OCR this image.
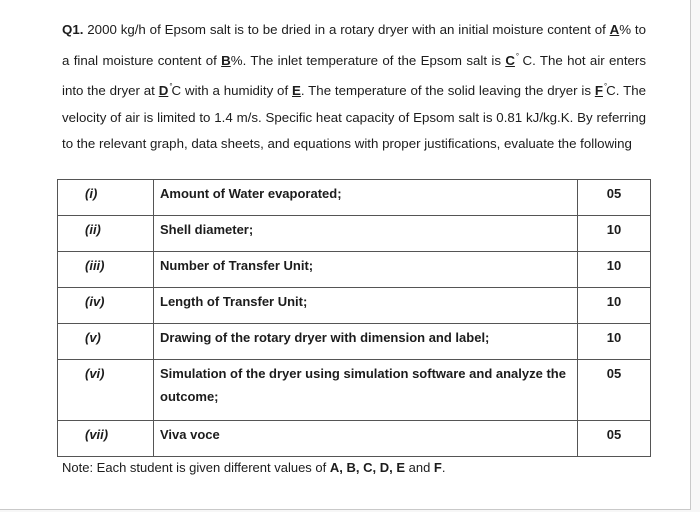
Q1. 2000 kg/h of Epsom salt is to be dried in a rotary dryer with an initial moisture content of A% to a final moisture content of B%. The inlet temperature of the Epsom salt is C° C. The hot air enters into the dryer at D°C with a humidity of E. The temperature of the solid leaving the dryer is F°C. The velocity of air is limited to 1.4 m/s. Specific heat capacity of Epsom salt is 0.81 kJ/kg.K. By referring to the relevant graph, data sheets, and equations with proper justifications, evaluate the following

(i)	Amount of Water evaporated;	05
(ii)	Shell diameter;	10
(iii)	Number of Transfer Unit;	10
(iv)	Length of Transfer Unit;	10
(v)	Drawing of the rotary dryer with dimension and label;	10
(vi)	Simulation of the dryer using simulation software and analyze the outcome;	05
(vii)	Viva voce	05

Note: Each student is given different values of A, B, C, D, E and F.
